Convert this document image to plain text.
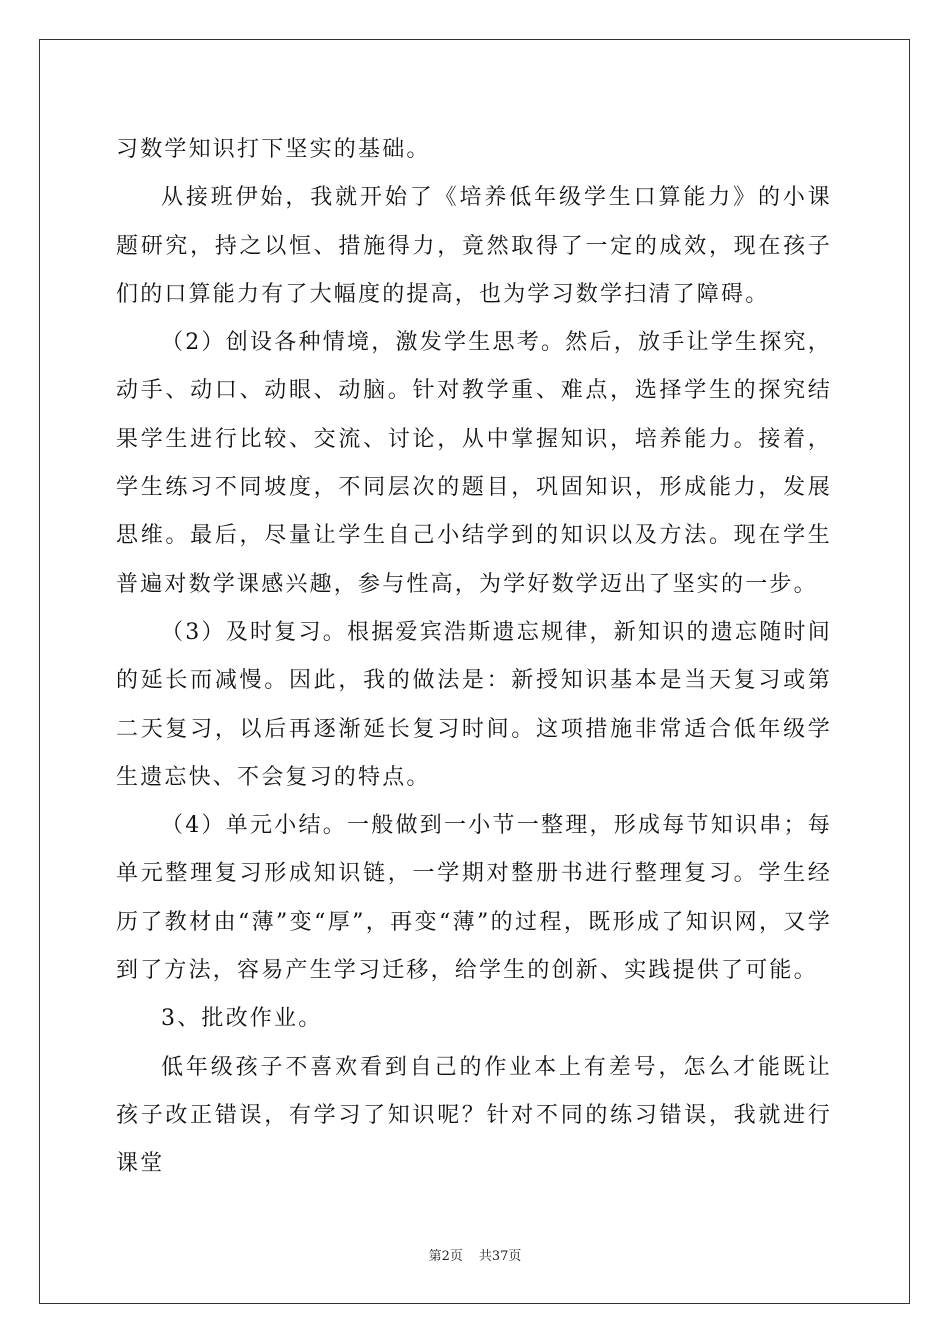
习数学知识打下坚实的基础。

从接班伊始，我就开始了《培养低年级学生口算能力》的小课题研究，持之以恒、措施得力，竟然取得了一定的成效，现在孩子们的口算能力有了大幅度的提高，也为学习数学扫清了障碍。

（2）创设各种情境，激发学生思考。然后，放手让学生探究，动手、动口、动眼、动脑。针对教学重、难点，选择学生的探究结果学生进行比较、交流、讨论，从中掌握知识，培养能力。接着，学生练习不同坡度，不同层次的题目，巩固知识，形成能力，发展思维。最后，尽量让学生自己小结学到的知识以及方法。现在学生普遍对数学课感兴趣，参与性高，为学好数学迈出了坚实的一步。

（3）及时复习。根据爱宾浩斯遗忘规律，新知识的遗忘随时间的延长而减慢。因此，我的做法是：新授知识基本是当天复习或第二天复习，以后再逐渐延长复习时间。这项措施非常适合低年级学生遗忘快、不会复习的特点。

（4）单元小结。一般做到一小节一整理，形成每节知识串；每单元整理复习形成知识链，一学期对整册书进行整理复习。学生经历了教材由“薄”变“厚”，再变“薄”的过程，既形成了知识网，又学到了方法，容易产生学习迁移，给学生的创新、实践提供了可能。

3、批改作业。

低年级孩子不喜欢看到自己的作业本上有差号，怎么才能既让孩子改正错误，有学习了知识呢？针对不同的练习错误，我就进行课堂

第2页 共37页
